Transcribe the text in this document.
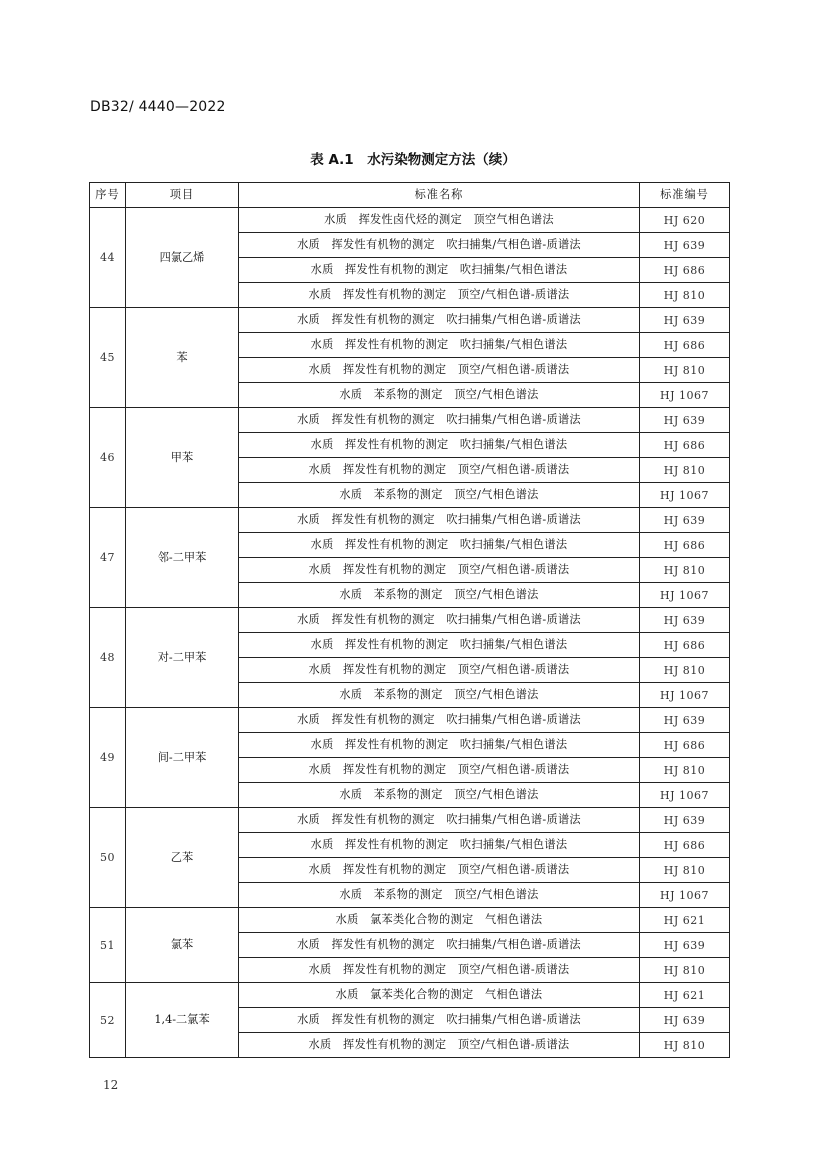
DB32/ 4440—2022
表 A.1　水污染物测定方法（续）
序号	项目	标准名称	标准编号
44	四氯乙烯	水质　挥发性卤代烃的测定　顶空气相色谱法	HJ 620
		水质　挥发性有机物的测定　吹扫捕集/气相色谱-质谱法	HJ 639
		水质　挥发性有机物的测定　吹扫捕集/气相色谱法	HJ 686
		水质　挥发性有机物的测定　顶空/气相色谱-质谱法	HJ 810
45	苯	水质　挥发性有机物的测定　吹扫捕集/气相色谱-质谱法	HJ 639
		水质　挥发性有机物的测定　吹扫捕集/气相色谱法	HJ 686
		水质　挥发性有机物的测定　顶空/气相色谱-质谱法	HJ 810
		水质　苯系物的测定　顶空/气相色谱法	HJ 1067
46	甲苯	水质　挥发性有机物的测定　吹扫捕集/气相色谱-质谱法	HJ 639
		水质　挥发性有机物的测定　吹扫捕集/气相色谱法	HJ 686
		水质　挥发性有机物的测定　顶空/气相色谱-质谱法	HJ 810
		水质　苯系物的测定　顶空/气相色谱法	HJ 1067
47	邻-二甲苯	水质　挥发性有机物的测定　吹扫捕集/气相色谱-质谱法	HJ 639
		水质　挥发性有机物的测定　吹扫捕集/气相色谱法	HJ 686
		水质　挥发性有机物的测定　顶空/气相色谱-质谱法	HJ 810
		水质　苯系物的测定　顶空/气相色谱法	HJ 1067
48	对-二甲苯	水质　挥发性有机物的测定　吹扫捕集/气相色谱-质谱法	HJ 639
		水质　挥发性有机物的测定　吹扫捕集/气相色谱法	HJ 686
		水质　挥发性有机物的测定　顶空/气相色谱-质谱法	HJ 810
		水质　苯系物的测定　顶空/气相色谱法	HJ 1067
49	间-二甲苯	水质　挥发性有机物的测定　吹扫捕集/气相色谱-质谱法	HJ 639
		水质　挥发性有机物的测定　吹扫捕集/气相色谱法	HJ 686
		水质　挥发性有机物的测定　顶空/气相色谱-质谱法	HJ 810
		水质　苯系物的测定　顶空/气相色谱法	HJ 1067
50	乙苯	水质　挥发性有机物的测定　吹扫捕集/气相色谱-质谱法	HJ 639
		水质　挥发性有机物的测定　吹扫捕集/气相色谱法	HJ 686
		水质　挥发性有机物的测定　顶空/气相色谱-质谱法	HJ 810
		水质　苯系物的测定　顶空/气相色谱法	HJ 1067
51	氯苯	水质　氯苯类化合物的测定　气相色谱法	HJ 621
		水质　挥发性有机物的测定　吹扫捕集/气相色谱-质谱法	HJ 639
		水质　挥发性有机物的测定　顶空/气相色谱-质谱法	HJ 810
52	1,4-二氯苯	水质　氯苯类化合物的测定　气相色谱法	HJ 621
		水质　挥发性有机物的测定　吹扫捕集/气相色谱-质谱法	HJ 639
		水质　挥发性有机物的测定　顶空/气相色谱-质谱法	HJ 810
12
